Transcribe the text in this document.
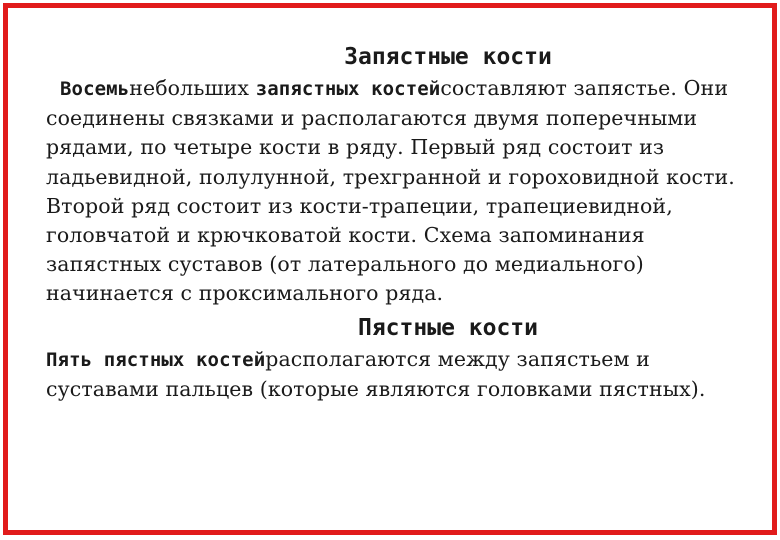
Запястные кости

Восемьнебольших запястных костейсоставляют запястье. Они соединены связками и располагаются двумя поперечными рядами, по четыре кости в ряду. Первый ряд состоит из ладьевидной, полулунной, трехгранной и гороховидной кости. Второй ряд состоит из кости-трапеции, трапециевидной, головчатой и крючковатой кости. Схема запоминания запястных суставов (от латерального до медиального) начинается с проксимального ряда.

Пястные кости

Пять пястных костейрасполагаются между запястьем и суставами пальцев (которые являются головками пястных).
